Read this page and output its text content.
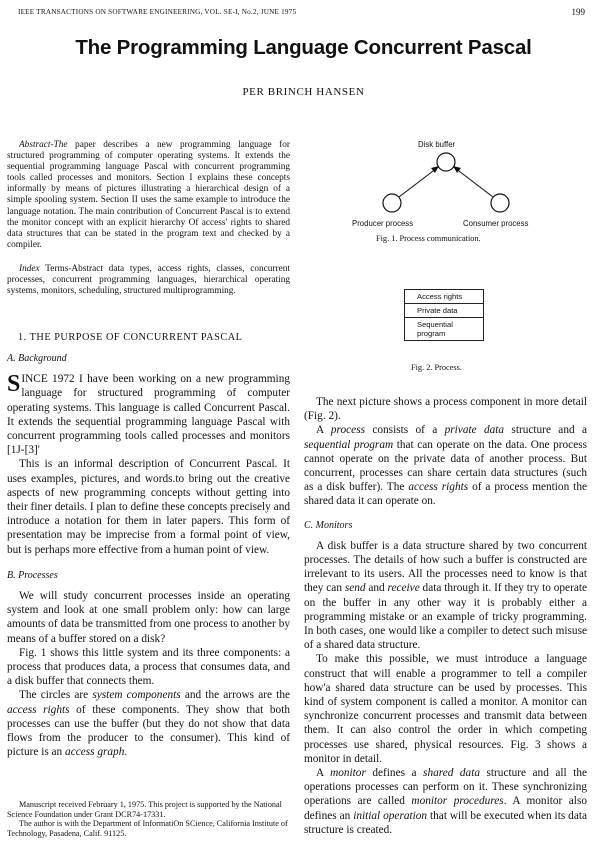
IEEE TRANSACTIONS ON SOFTWARE ENGINEERING, VOL. SE-I, No.2, JUNE 1975	199
The Programming Language Concurrent Pascal
PER BRINCH HANSEN

Abstract-The paper describes a new programming language for structured programming of computer operating systems. It extends the sequential programming language Pascal with concurrent programming tools called processes and monitors. Section I explains these concepts informally by means of pictures illustrating a hierarchical design of a simple spooling system. Section II uses the same example to introduce the language notation. The main contribution of Concurrent Pascal is to extend the monitor concept with an explicit hierarchy Of access' rights to shared data structures that can be stated in the program text and checked by a compiler.

Index Terms-Abstract data types, access rights, classes, concurrent processes, concurrent programming languages, hierarchical operating systems, monitors, scheduling, structured multiprogramming.

1. THE PURPOSE OF CONCURRENT PASCAL

A. Background

SINCE 1972 I have been working on a new programming language for structured programming of computer operating systems. This language is called Concurrent Pascal. It extends the sequential programming language Pascal with concurrent programming tools called processes and monitors [1J-[3]'

This is an informal description of Concurrent Pascal. It uses examples, pictures, and words.to bring out the creative aspects of new programming concepts without getting into their finer details. I plan to define these concepts precisely and introduce a notation for them in later papers. This form of presentation may be imprecise from a formal point of view, but is perhaps more effective from a human point of view.

B. Processes

We will study concurrent processes inside an operating system and look at one small problem only: how can large amounts of data be transmitted from one process to another by means of a buffer stored on a disk?

Fig. 1 shows this little system and its three components: a process that produces data, a process that consumes data, and a disk buffer that connects them.

The circles are system components and the arrows are the access rights of these components. They show that both processes can use the buffer (but they do not show that data flows from the producer to the consumer). This kind of picture is an access graph.

Manuscript received February 1, 1975. This project is supported by the National Science Foundation under Grant DCR74-17331.

The author is with the Department of InformatiOn SCience, California Institute of Technology, Pasadena, Calif. 91125.

Disk buffer
Producer process	Consumer process
Fig. 1. Process communication.
Access rights
Private data
Sequential program
Fig. 2. Process.

The next picture shows a process component in more detail (Fig. 2).

A process consists of a private data structure and a sequential program that can operate on the data. One process cannot operate on the private data of another process. But concurrent, processes can share certain data structures (such as a disk buffer). The access rights of a process mention the shared data it can operate on.

C. Monitors

A disk buffer is a data structure shared by two concurrent processes. The details of how such a buffer is constructed are irrelevant to its users. All the processes need to know is that they can send and receive data through it. If they try to operate on the buffer in any other way it is probably either a programming mistake or an example of tricky programming. In both cases, one would like a compiler to detect such misuse of a shared data structure.

To make this possible, we must introduce a language construct that will enable a programmer to tell a compiler how'a shared data structure can be used by processes. This kind of system component is called a monitor. A monitor can synchronize concurrent processes and transmit data between them. It can also control the order in which competing processes use shared, physical resources. Fig. 3 shows a monitor in detail.

A monitor defines a shared data structure and all the operations processes can perform on it. These synchronizing operations are called monitor procedures. A monitor also defines an initial operation that will be executed when its data structure is created.
